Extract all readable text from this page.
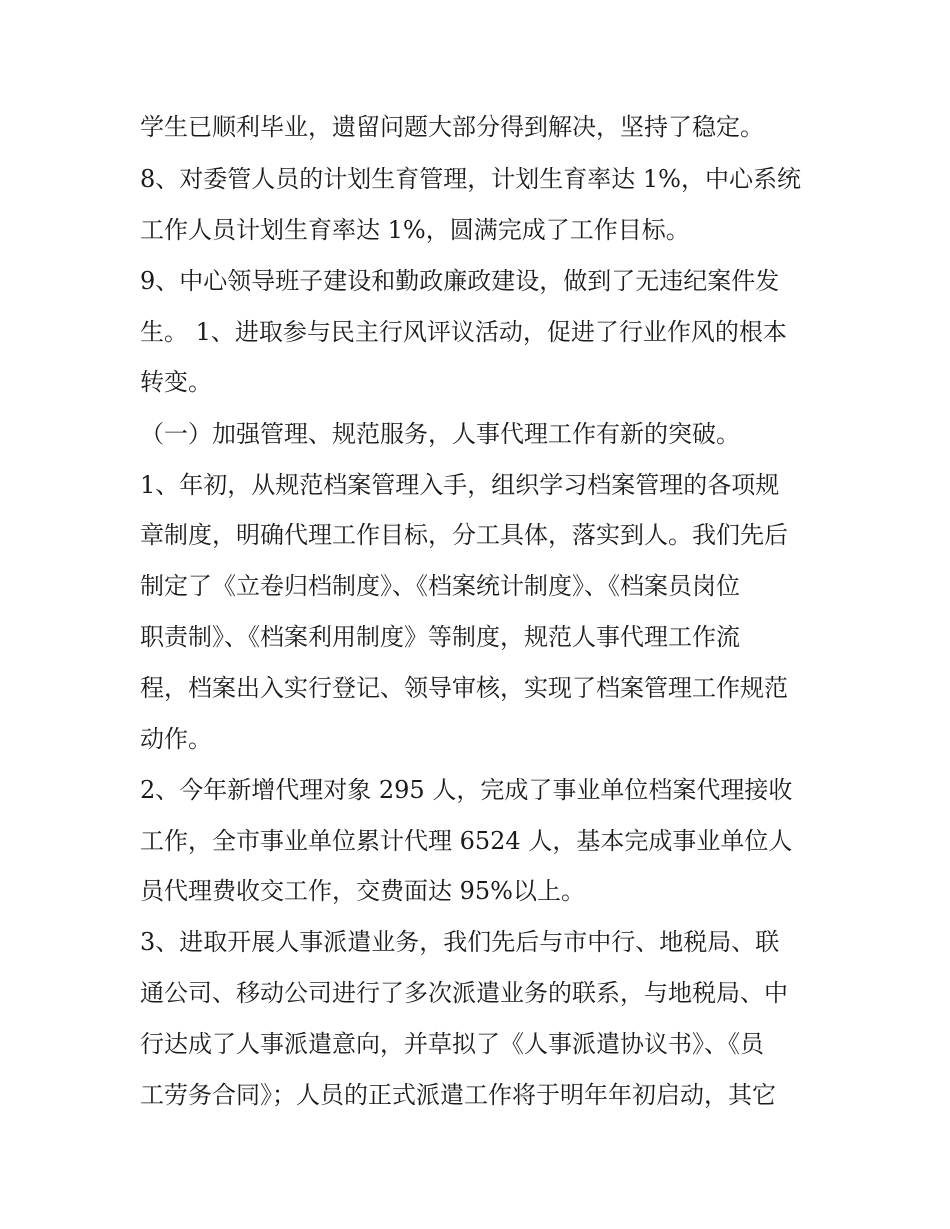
学生已顺利毕业，遗留问题大部分得到解决，坚持了稳定。
8、对委管人员的计划生育管理，计划生育率达 1%，中心系统
工作人员计划生育率达 1%，圆满完成了工作目标。
9、中心领导班子建设和勤政廉政建设，做到了无违纪案件发
生。 1、进取参与民主行风评议活动，促进了行业作风的根本
转变。
（一）加强管理、规范服务，人事代理工作有新的突破。
1、年初，从规范档案管理入手，组织学习档案管理的各项规
章制度，明确代理工作目标，分工具体，落实到人。我们先后
制定了《立卷归档制度》、《档案统计制度》、《档案员岗位
职责制》、《档案利用制度》等制度，规范人事代理工作流
程，档案出入实行登记、领导审核，实现了档案管理工作规范
动作。
2、今年新增代理对象 295 人，完成了事业单位档案代理接收
工作，全市事业单位累计代理 6524 人，基本完成事业单位人
员代理费收交工作，交费面达 95%以上。
3、进取开展人事派遣业务，我们先后与市中行、地税局、联
通公司、移动公司进行了多次派遣业务的联系，与地税局、中
行达成了人事派遣意向，并草拟了《人事派遣协议书》、《员
工劳务合同》；人员的正式派遣工作将于明年年初启动，其它
